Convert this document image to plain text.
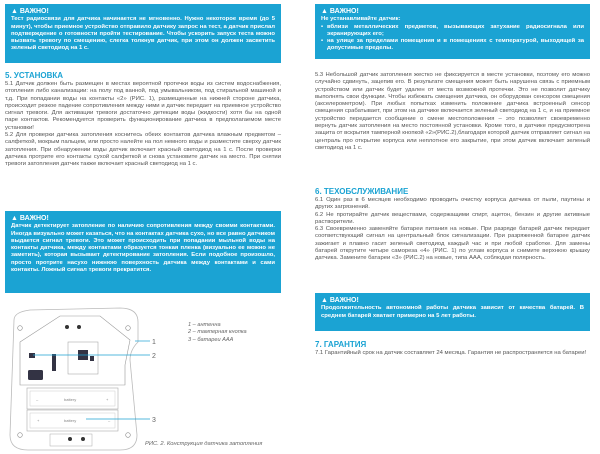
▲ ВАЖНО!
Тест радиосвязи для датчика начинается не мгновенно. Нужно некоторое время (до 5 минут), чтобы приемное устройство отправило датчику запрос на тест, а датчик прислал подтверждение о готовности пройти тестирование. Чтобы ускорить запуск теста можно вызвать тревогу по смещению, слегка толкнув датчик, при этом он должен засветить зеленый светодиод на 1 с.
5. УСТАНОВКА

5.1 Датчик должен быть размещен в местах вероятной протечки воды из систем водоснабжения, отопления либо канализации: на полу под ванной, под умывальником, под стиральной машиной и т.д. При попадании воды на контакты «2» (РИС. 1), размещенные на нижней стороне датчика, происходит резкое падение сопротивления между ними и датчик передает на приемное устройство сигнал тревоги. Для активации тревоги достаточно детекции воды (жидкости) хотя бы на одной паре контактов. Рекомендуется проверить функционирование датчика в предполагаемом месте установки!

5.2 Для проверки датчика затопления коснитесь обеих контактов датчика влажным предметом – салфеткой, мокрым пальцем, или просто налейте на пол немного воды и разместите сверху датчик затопления. При обнаружении воды датчик включает красный светодиод на 1 с. После проверки датчика протрите его контакты сухой салфеткой и снова установите датчик на место. При снятии тревоги затопления датчик также включает красный светодиод на 1 с.

▲ ВАЖНО!
Датчик детектирует затопление по наличию сопротивления между своими контактами. Иногда визуально может казаться, что на контактах датчика сухо, но все равно датчиком выдается сигнал тревоги. Это может происходить при попадании мыльной воды на контакты датчика, между контактами образуется тонкая пленка (визуально ее можно не заметить), которая вызывает детектирование затопления. Если подобное произошло, просто протрите насухо нижнюю поверхность датчика между контактами и сами контакты. Ложный сигнал тревоги прекратится.
–	battery	+
+	battery	–
1
2
3
1 – антенна
2 – тамперная кнопка
3 – батареи ААА
РИС. 2. Конструкция датчика затопления
▲ ВАЖНО!
Не устанавливайте датчик:
• вблизи металлических предметов, вызывающих затухание радиосигнала или экранирующих его;
• на улице за пределами помещения и в помещениях с температурой, выходящей за допустимые пределы.

5.3 Небольшой датчик затопления жестко не фиксируется в месте установки, поэтому его можно случайно сдвинуть, зацепив его. В результате смещения может быть нарушена связь с приемным устройством или датчик будет удален от места возможной протечки. Это не позволит датчику выполнять свои функции. Чтобы избежать смещения датчика, он оборудован сенсором смещения (акселерометром). При любых попытках изменить положение датчика встроенный сенсор смещения срабатывает, при этом на датчике включается зеленый светодиод на 1 с, и на приемное устройство передается сообщение о смене местоположения – это позволяет своевременно вернуть датчик затопления на место постоянной установки. Кроме того, в датчике предусмотрена защита от вскрытия тамперной кнопкой «2»(РИС.2),благодаря которой датчик отправляет сигнал на централь про открытие корпуса или неплотное его закрытие, при этом датчик включает зеленый светодиод на 1 с.

6. ТЕХОБСЛУЖИВАНИЕ

6.1 Один раз в 6 месяцев необходимо проводить очистку корпуса датчика от пыли, паутины и других загрязнений.

6.2 Не протирайте датчик веществами, содержащими спирт, ацетон, бензин и другие активные растворители.

6.3 Своевременно заменяйте батареи питания на новые. При разряде батарей датчик передает соответствующий сигнал на центральный блок сигнализации. При разряженной батарее датчик зажигает и плавно гасит зеленый светодиод каждый час и при любой сработке. Для замены батарей открутите четыре самореза «4» (РИС. 1) по углам корпуса и снимите верхнюю крышку датчика. Замените батареи «3» (РИС.2) на новые, типа ААА, соблюдая полярность.

▲ ВАЖНО!
Продолжительность автономной работы датчика зависит от качества батарей. В среднем батарей хватает примерно на 5 лет работы.
7. ГАРАНТИЯ

7.1 Гарантийный срок на датчик составляет 24 месяца. Гарантия не распространяется на батареи!
